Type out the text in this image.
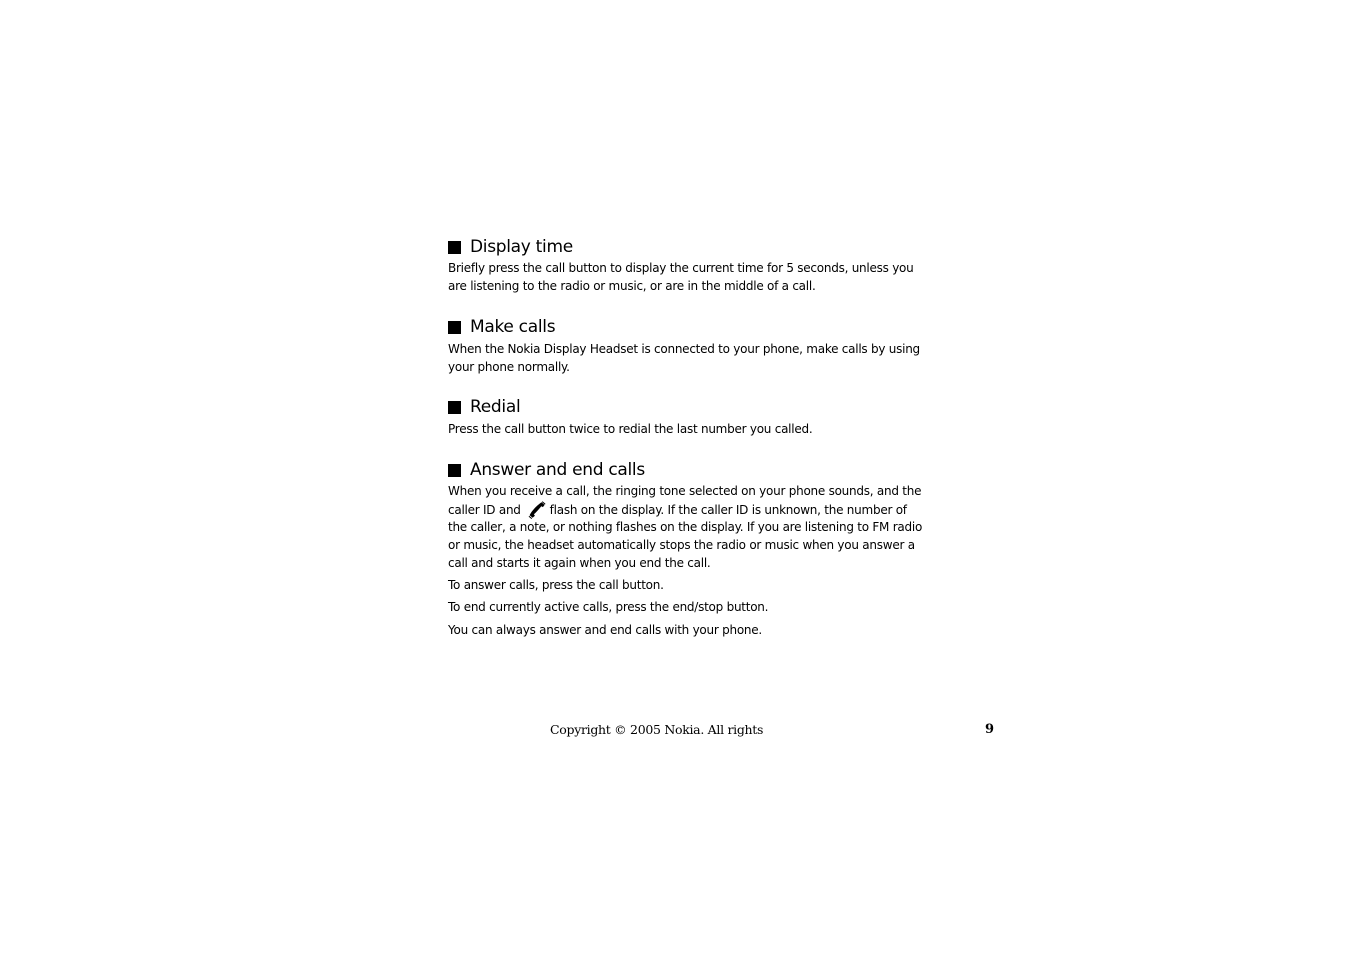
Display time

Briefly press the call button to display the current time for 5 seconds, unless you
are listening to the radio or music, or are in the middle of a call.

Make calls

When the Nokia Display Headset is connected to your phone, make calls by using
your phone normally.

Redial

Press the call button twice to redial the last number you called.

Answer and end calls

When you receive a call, the ringing tone selected on your phone sounds, and the
caller ID and flash on the display. If the caller ID is unknown, the number of
the caller, a note, or nothing flashes on the display. If you are listening to FM radio
or music, the headset automatically stops the radio or music when you answer a
call and starts it again when you end the call.

To answer calls, press the call button.

To end currently active calls, press the end/stop button.

You can always answer and end calls with your phone.

Copyright © 2005 Nokia. All rights	9
